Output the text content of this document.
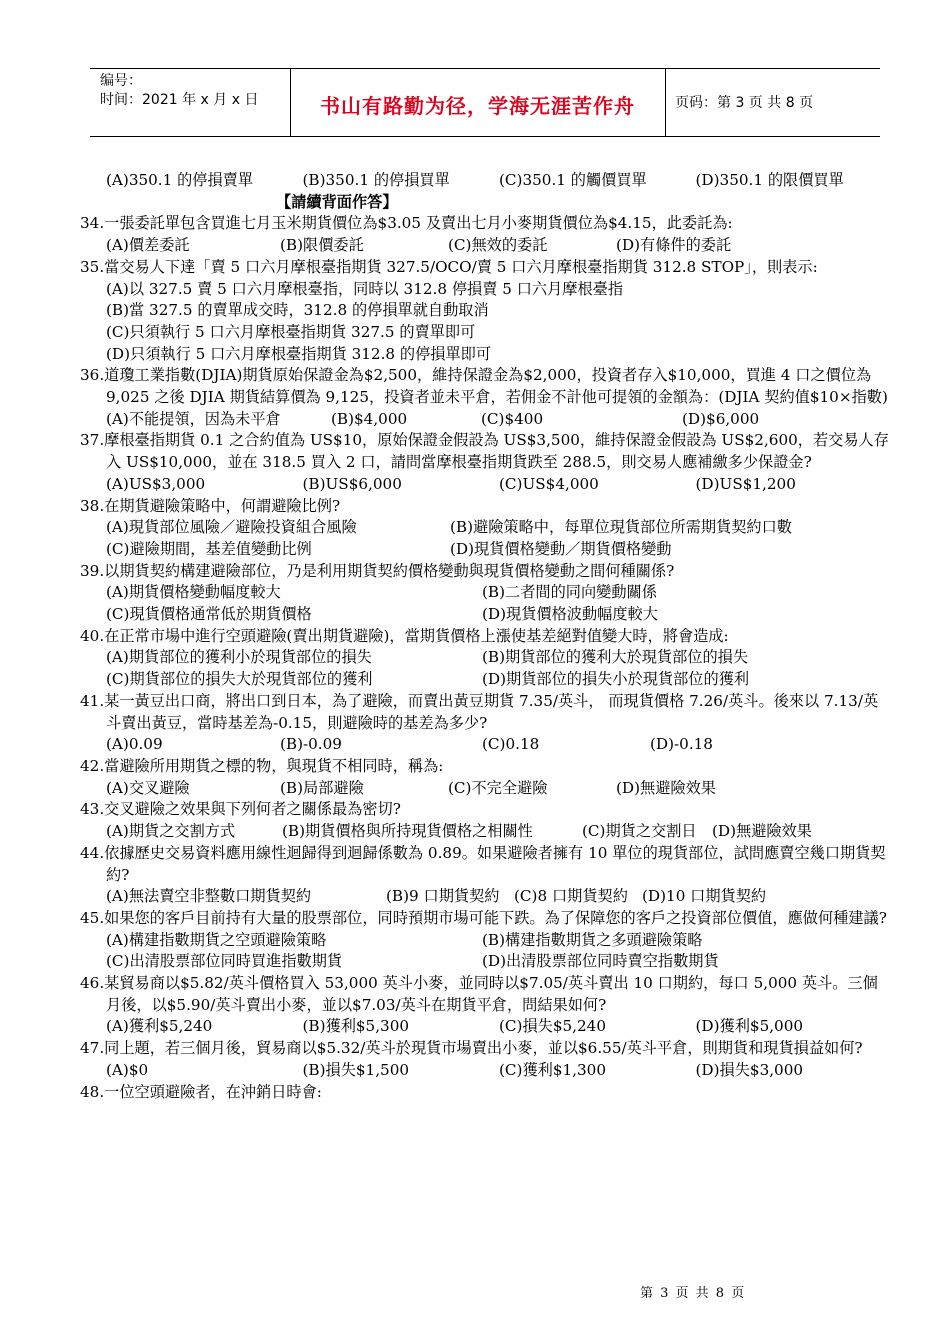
编号：
时间：2021 年 x 月 x 日	书山有路勤为径，学海无涯苦作舟	页码：第 3 页 共 8 页
(A)350.1 的停損賣單	(B)350.1 的停損買單	(C)350.1 的觸價買單	(D)350.1 的限價買單
【請續背面作答】

34.一張委託單包含買進七月玉米期貨價位為$3.05 及賣出七月小麥期貨價位為$4.15，此委託為:

(A)價差委託	(B)限價委託	(C)無效的委託	(D)有條件的委託

35.當交易人下達「賣 5 口六月摩根臺指期貨 327.5/OCO/賣 5 口六月摩根臺指期貨 312.8 STOP」，則表示:

(A)以 327.5 賣 5 口六月摩根臺指，同時以 312.8 停損賣 5 口六月摩根臺指
(B)當 327.5 的賣單成交時，312.8 的停損單就自動取消
(C)只須執行 5 口六月摩根臺指期貨 327.5 的賣單即可
(D)只須執行 5 口六月摩根臺指期貨 312.8 的停損單即可

36.道瓊工業指數(DJIA)期貨原始保證金為$2,500，維持保證金為$2,000，投資者存入$10,000，買進 4 口之價位為 9,025 之後 DJIA 期貨結算價為 9,125，投資者並未平倉，若佣金不計他可提領的金額為：(DJIA 契約值$10×指數)

(A)不能提領，因為未平倉	(B)$4,000	(C)$400	(D)$6,000

37.摩根臺指期貨 0.1 之合約值為 US$10，原始保證金假設為 US$3,500，維持保證金假設為 US$2,600，若交易人存入 US$10,000，並在 318.5 買入 2 口，請問當摩根臺指期貨跌至 288.5，則交易人應補繳多少保證金?

(A)US$3,000	(B)US$6,000	(C)US$4,000	(D)US$1,200

38.在期貨避險策略中，何謂避險比例?

(A)現貨部位風險／避險投資組合風險	(B)避險策略中，每單位現貨部位所需期貨契約口數
(C)避險期間，基差值變動比例	(D)現貨價格變動／期貨價格變動

39.以期貨契約構建避險部位，乃是利用期貨契約價格變動與現貨價格變動之間何種關係?

(A)期貨價格變動幅度較大	(B)二者間的同向變動關係
(C)現貨價格通常低於期貨價格	(D)現貨價格波動幅度較大

40.在正常市場中進行空頭避險(賣出期貨避險)，當期貨價格上漲使基差絕對值變大時，將會造成:

(A)期貨部位的獲利小於現貨部位的損失	(B)期貨部位的獲利大於現貨部位的損失
(C)期貨部位的損失大於現貨部位的獲利	(D)期貨部位的損失小於現貨部位的獲利

41.某一黃豆出口商，將出口到日本，為了避險，而賣出黃豆期貨 7.35/英斗， 而現貨價格 7.26/英斗。後來以 7.13/英斗賣出黃豆，當時基差為-0.15，則避險時的基差為多少?

(A)0.09	(B)-0.09	(C)0.18	(D)-0.18

42.當避險所用期貨之標的物，與現貨不相同時，稱為:

(A)交叉避險	(B)局部避險	(C)不完全避險	(D)無避險效果

43.交叉避險之效果與下列何者之關係最為密切?

(A)期貨之交割方式	(B)期貨價格與所持現貨價格之相關性	(C)期貨之交割日	(D)無避險效果

44.依據歷史交易資料應用線性迴歸得到迴歸係數為 0.89。如果避險者擁有 10 單位的現貨部位，試問應賣空幾口期貨契約?

(A)無法賣空非整數口期貨契約	(B)9 口期貨契約 (C)8 口期貨契約 (D)10 口期貨契約

45.如果您的客戶目前持有大量的股票部位，同時預期市場可能下跌。為了保障您的客戶之投資部位價值，應做何種建議?

(A)構建指數期貨之空頭避險策略	(B)構建指數期貨之多頭避險策略
(C)出清股票部位同時買進指數期貨	(D)出清股票部位同時賣空指數期貨

46.某貿易商以$5.82/英斗價格買入 53,000 英斗小麥，並同時以$7.05/英斗賣出 10 口期約，每口 5,000 英斗。三個月後，以$5.90/英斗賣出小麥，並以$7.03/英斗在期貨平倉，問結果如何?

(A)獲利$5,240	(B)獲利$5,300	(C)損失$5,240	(D)獲利$5,000

47.同上題，若三個月後，貿易商以$5.32/英斗於現貨市場賣出小麥，並以$6.55/英斗平倉，則期貨和現貨損益如何?

(A)$0	(B)損失$1,500	(C)獲利$1,300	(D)損失$3,000

48.一位空頭避險者，在沖銷日時會:

第 3 页 共 8 页
